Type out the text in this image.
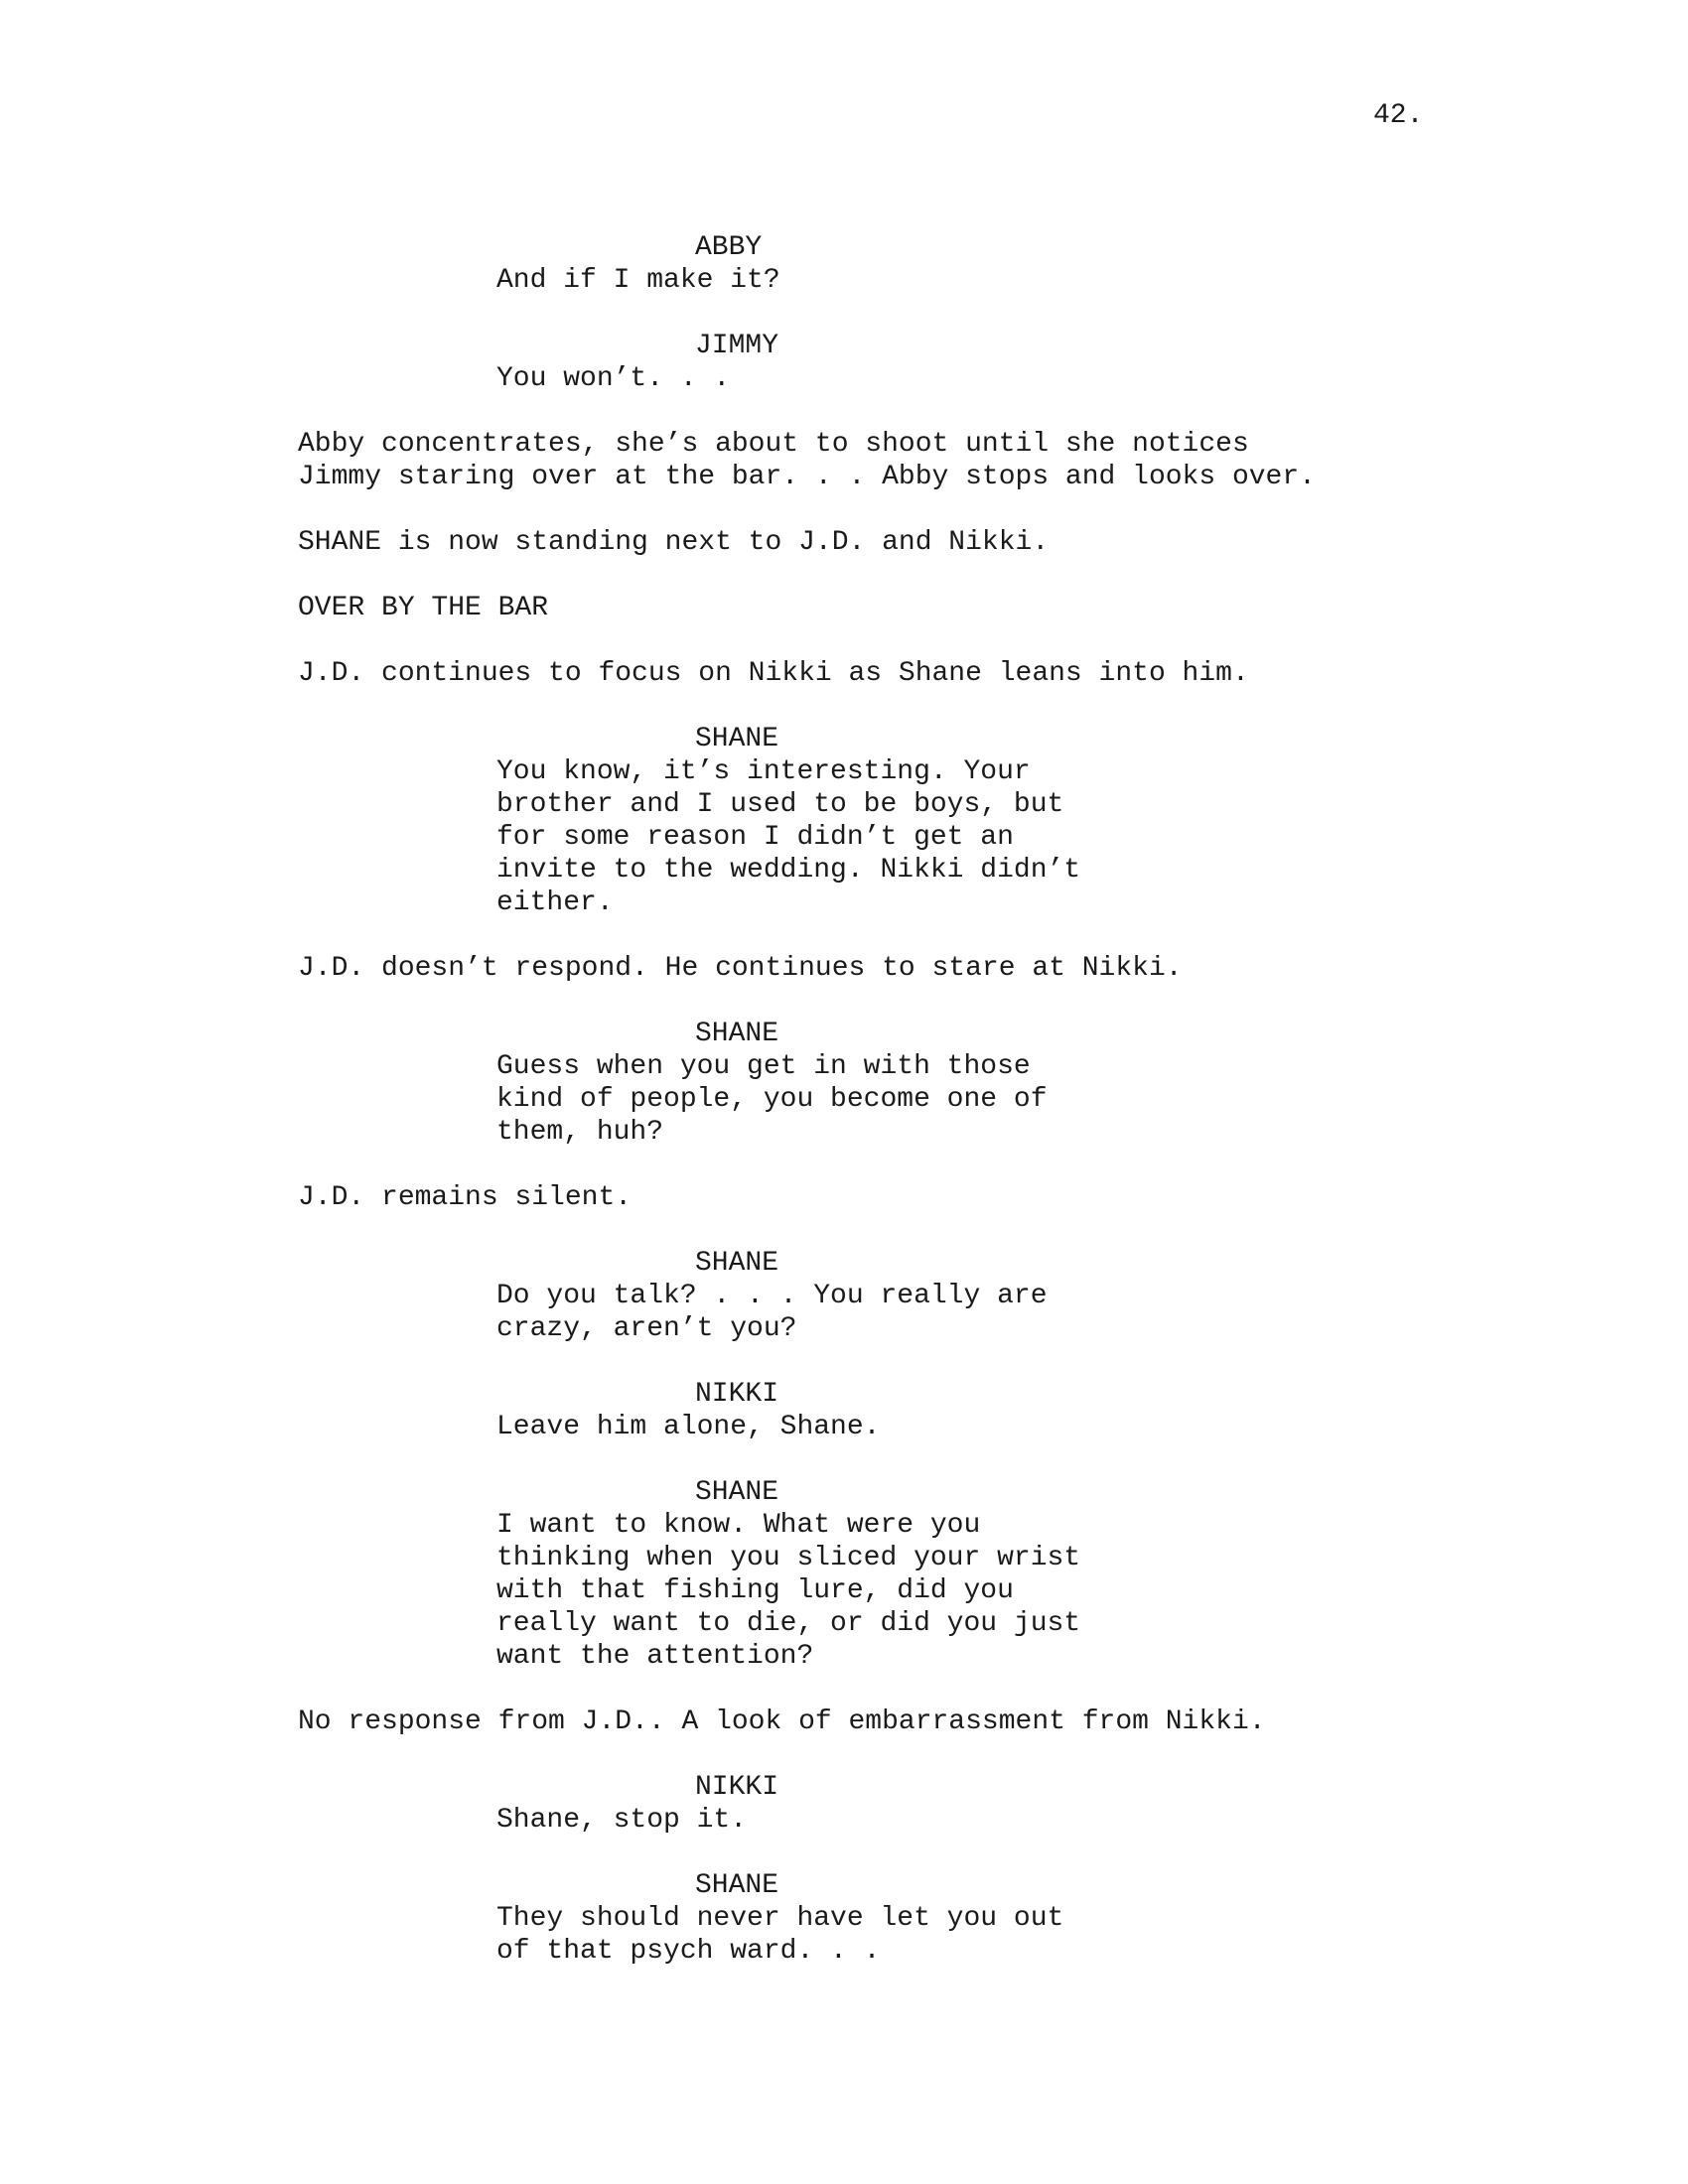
42.
ABBY
And if I make it?
JIMMY
You won’t. . .
Abby concentrates, she’s about to shoot until she notices
Jimmy staring over at the bar. . . Abby stops and looks over.
SHANE is now standing next to J.D. and Nikki.
OVER BY THE BAR
J.D. continues to focus on Nikki as Shane leans into him.
SHANE
You know, it’s interesting. Your
brother and I used to be boys, but
for some reason I didn’t get an
invite to the wedding. Nikki didn’t
either.
J.D. doesn’t respond. He continues to stare at Nikki.
SHANE
Guess when you get in with those
kind of people, you become one of
them, huh?
J.D. remains silent.
SHANE
Do you talk? . . . You really are
crazy, aren’t you?
NIKKI
Leave him alone, Shane.
SHANE
I want to know. What were you
thinking when you sliced your wrist
with that fishing lure, did you
really want to die, or did you just
want the attention?
No response from J.D.. A look of embarrassment from Nikki.
NIKKI
Shane, stop it.
SHANE
They should never have let you out
of that psych ward. . .
